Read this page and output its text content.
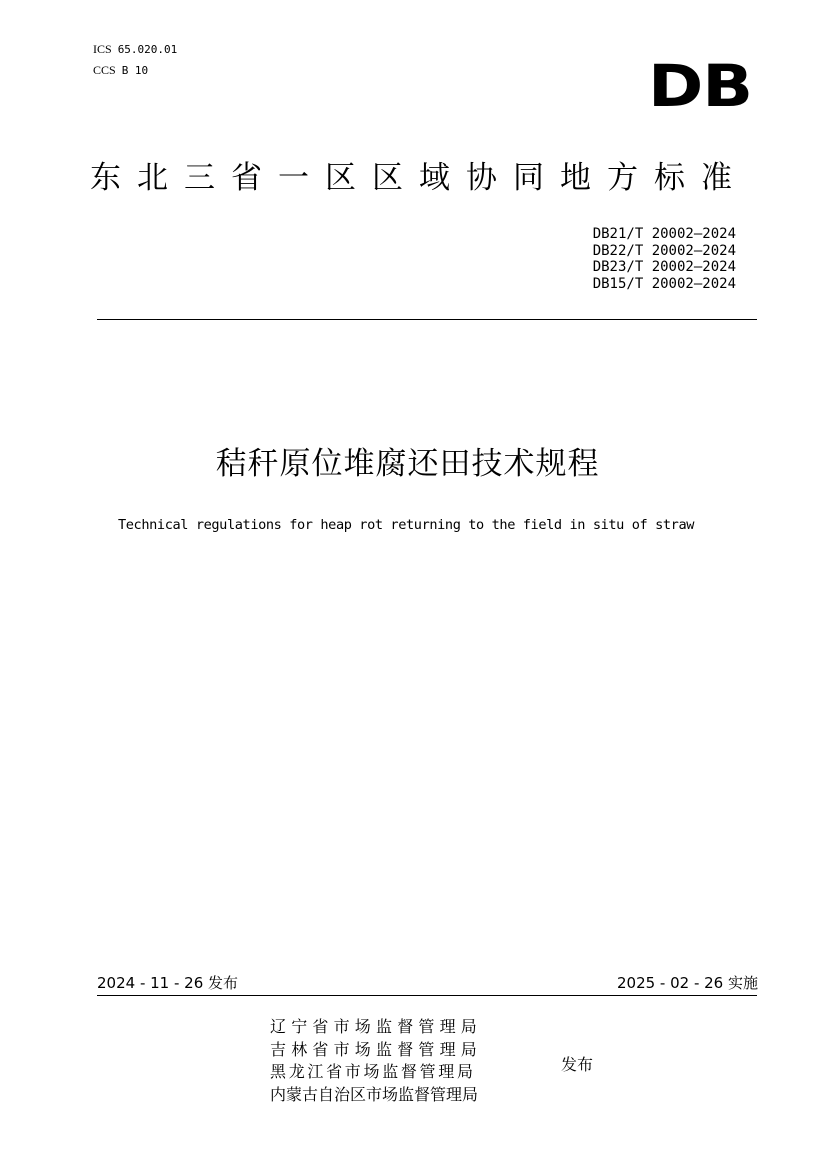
ICS 65.020.01
CCS B 10	DB
东北三省一区区域协同地方标准
DB21/T 20002—2024
DB22/T 20002—2024
DB23/T 20002—2024
DB15/T 20002—2024
秸秆原位堆腐还田技术规程
Technical regulations for heap rot returning to the field in situ of straw
2024 - 11 - 26 发布	2025 - 02 - 26 实施
辽宁省市场监督管理局
吉林省市场监督管理局
黑龙江省市场监督管理局
内蒙古自治区市场监督管理局
发布
